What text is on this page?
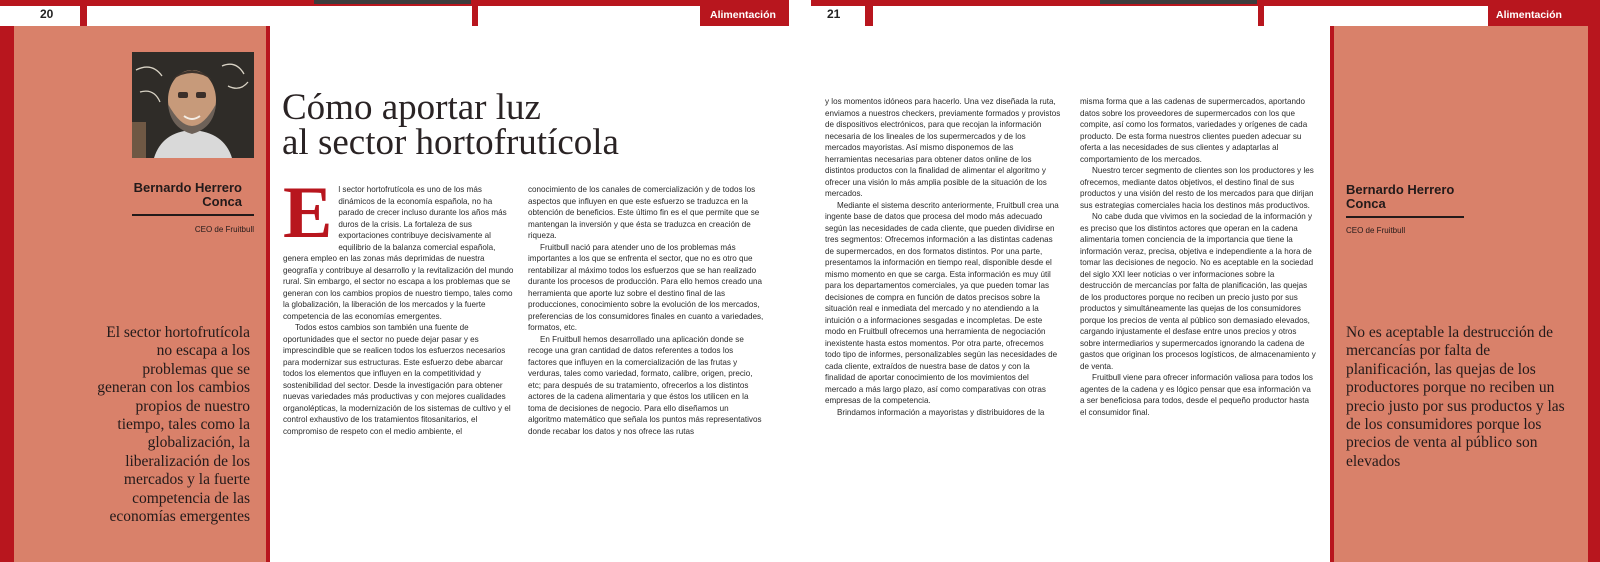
20	OPINIÓN	Alimentación
Bernardo Herrero
Conca
CEO de Fruitbull
El sector hortofrutícola no escapa a los problemas que se generan con los cambios propios de nuestro tiempo, tales como la globalización, la liberalización de los mercados y la fuerte competencia de las economías emergentes
Cómo aportar luz
al sector hortofrutícola

El sector hortofrutícola es uno de los más dinámicos de la economía española, no ha parado de crecer incluso durante los años más duros de la crisis. La fortaleza de sus exportaciones contribuye decisivamente al equilibrio de la balanza comercial española, genera empleo en las zonas más deprimidas de nuestra geografía y contribuye al desarrollo y la revitalización del mundo rural. Sin embargo, el sector no escapa a los problemas que se generan con los cambios propios de nuestro tiempo, tales como la globalización, la liberación de los mercados y la fuerte competencia de las economías emergentes.

Todos estos cambios son también una fuente de oportunidades que el sector no puede dejar pasar y es imprescindible que se realicen todos los esfuerzos necesarios para modernizar sus estructuras. Este esfuerzo debe abarcar todos los elementos que influyen en la competitividad y sostenibilidad del sector. Desde la investigación para obtener nuevas variedades más productivas y con mejores cualidades organolépticas, la modernización de los sistemas de cultivo y el control exhaustivo de los tratamientos fitosanitarios, el compromiso de respeto con el medio ambiente, el

conocimiento de los canales de comercialización y de todos los aspectos que influyen en que este esfuerzo se traduzca en la obtención de beneficios. Este último fin es el que permite que se mantengan la inversión y que ésta se traduzca en creación de riqueza.

Fruitbull nació para atender uno de los problemas más importantes a los que se enfrenta el sector, que no es otro que rentabilizar al máximo todos los esfuerzos que se han realizado durante los procesos de producción. Para ello hemos creado una herramienta que aporte luz sobre el destino final de las producciones, conocimiento sobre la evolución de los mercados, preferencias de los consumidores finales en cuanto a variedades, formatos, etc.

En Fruitbull hemos desarrollado una aplicación donde se recoge una gran cantidad de datos referentes a todos los factores que influyen en la comercialización de las frutas y verduras, tales como variedad, formato, calibre, origen, precio, etc; para después de su tratamiento, ofrecerlos a los distintos actores de la cadena alimentaria y que éstos los utilicen en la toma de decisiones de negocio. Para ello diseñamos un algoritmo matemático que señala los puntos más representativos donde recabar los datos y nos ofrece las rutas

21	OPINIÓN	Alimentación

y los momentos idóneos para hacerlo. Una vez diseñada la ruta, enviamos a nuestros checkers, previamente formados y provistos de dispositivos electrónicos, para que recojan la información necesaria de los lineales de los supermercados y de los mercados mayoristas. Así mismo disponemos de las herramientas necesarias para obtener datos online de los distintos productos con la finalidad de alimentar el algoritmo y ofrecer una visión lo más amplia posible de la situación de los mercados.

Mediante el sistema descrito anteriormente, Fruitbull crea una ingente base de datos que procesa del modo más adecuado según las necesidades de cada cliente, que pueden dividirse en tres segmentos: Ofrecemos información a las distintas cadenas de supermercados, en dos formatos distintos. Por una parte, presentamos la información en tiempo real, disponible desde el mismo momento en que se carga. Esta información es muy útil para los departamentos comerciales, ya que pueden tomar las decisiones de compra en función de datos precisos sobre la situación real e inmediata del mercado y no atendiendo a la intuición o a informaciones sesgadas e incompletas. De este modo en Fruitbull ofrecemos una herramienta de negociación inexistente hasta estos momentos. Por otra parte, ofrecemos todo tipo de informes, personalizables según las necesidades de cada cliente, extraídos de nuestra base de datos y con la finalidad de aportar conocimiento de los movimientos del mercado a más largo plazo, así como comparativas con otras empresas de la competencia.

Brindamos información a mayoristas y distribuidores de la

misma forma que a las cadenas de supermercados, aportando datos sobre los proveedores de supermercados con los que compite, así como los formatos, variedades y orígenes de cada producto. De esta forma nuestros clientes pueden adecuar su oferta a las necesidades de sus clientes y adaptarlas al comportamiento de los mercados.

Nuestro tercer segmento de clientes son los productores y les ofrecemos, mediante datos objetivos, el destino final de sus productos y una visión del resto de los mercados para que dirijan sus estrategias comerciales hacia los destinos más productivos.

No cabe duda que vivimos en la sociedad de la información y es preciso que los distintos actores que operan en la cadena alimentaria tomen conciencia de la importancia que tiene la información veraz, precisa, objetiva e independiente a la hora de tomar las decisiones de negocio. No es aceptable en la sociedad del siglo XXI leer noticias o ver informaciones sobre la destrucción de mercancías por falta de planificación, las quejas de los productores porque no reciben un precio justo por sus productos y simultáneamente las quejas de los consumidores porque los precios de venta al público son demasiado elevados, cargando injustamente el desfase entre unos precios y otros sobre intermediarios y supermercados ignorando la cadena de gastos que originan los procesos logísticos, de almacenamiento y de venta.

Fruitbull viene para ofrecer información valiosa para todos los agentes de la cadena y es lógico pensar que esa información va a ser beneficiosa para todos, desde el pequeño productor hasta el consumidor final.

Bernardo Herrero
Conca
CEO de Fruitbull
No es aceptable la destrucción de mercancías por falta de planificación, las quejas de los productores porque no reciben un precio justo por sus productos y las de los consumidores porque los precios de venta al público son elevados
